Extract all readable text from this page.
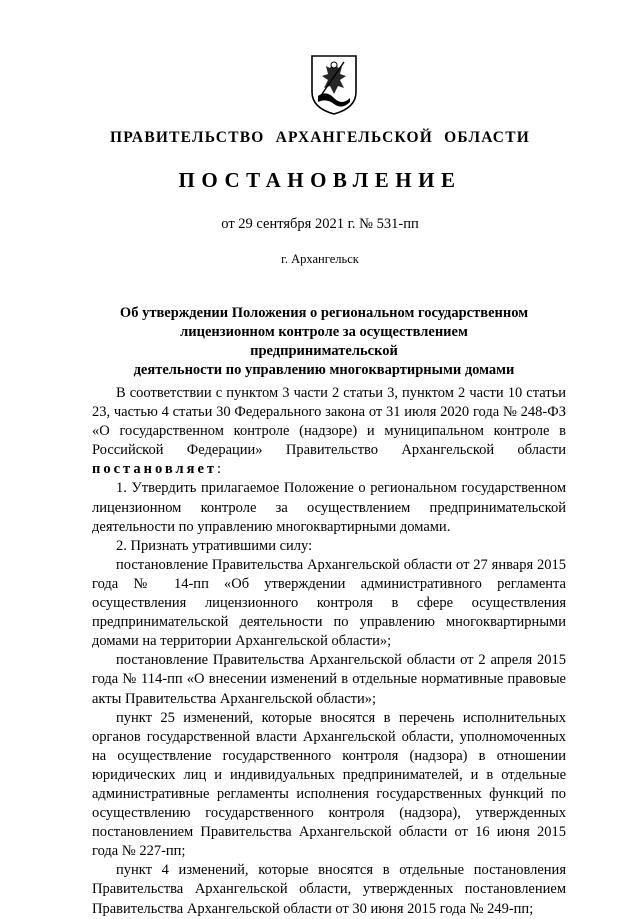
ПРАВИТЕЛЬСТВО АРХАНГЕЛЬСКОЙ ОБЛАСТИ
ПОСТАНОВЛЕНИЕ
от 29 сентября 2021 г. № 531-пп
г. Архангельск
Об утверждении Положения о региональном государственном
лицензионном контроле за осуществлением предпринимательской
деятельности по управлению многоквартирными домами

В соответствии с пунктом 3 части 2 статьи 3, пунктом 2 части 10 статьи 23, частью 4 статьи 30 Федерального закона от 31 июля 2020 года № 248-ФЗ «О государственном контроле (надзоре) и муниципальном контроле в Российской Федерации» Правительство Архангельской области постановляет:

1. Утвердить прилагаемое Положение о региональном государственном лицензионном контроле за осуществлением предпринимательской деятельности по управлению многоквартирными домами.

2. Признать утратившими силу:

постановление Правительства Архангельской области от 27 января 2015 года № 14-пп «Об утверждении административного регламента осуществления лицензионного контроля в сфере осуществления предпринимательской деятельности по управлению многоквартирными домами на территории Архангельской области»;

постановление Правительства Архангельской области от 2 апреля 2015 года № 114-пп «О внесении изменений в отдельные нормативные правовые акты Правительства Архангельской области»;

пункт 25 изменений, которые вносятся в перечень исполнительных органов государственной власти Архангельской области, уполномоченных на осуществление государственного контроля (надзора) в отношении юридических лиц и индивидуальных предпринимателей, и в отдельные административные регламенты исполнения государственных функций по осуществлению государственного контроля (надзора), утвержденных постановлением Правительства Архангельской области от 16 июня 2015 года № 227-пп;

пункт 4 изменений, которые вносятся в отдельные постановления Правительства Архангельской области, утвержденных постановлением Правительства Архангельской области от 30 июня 2015 года № 249-пп;
